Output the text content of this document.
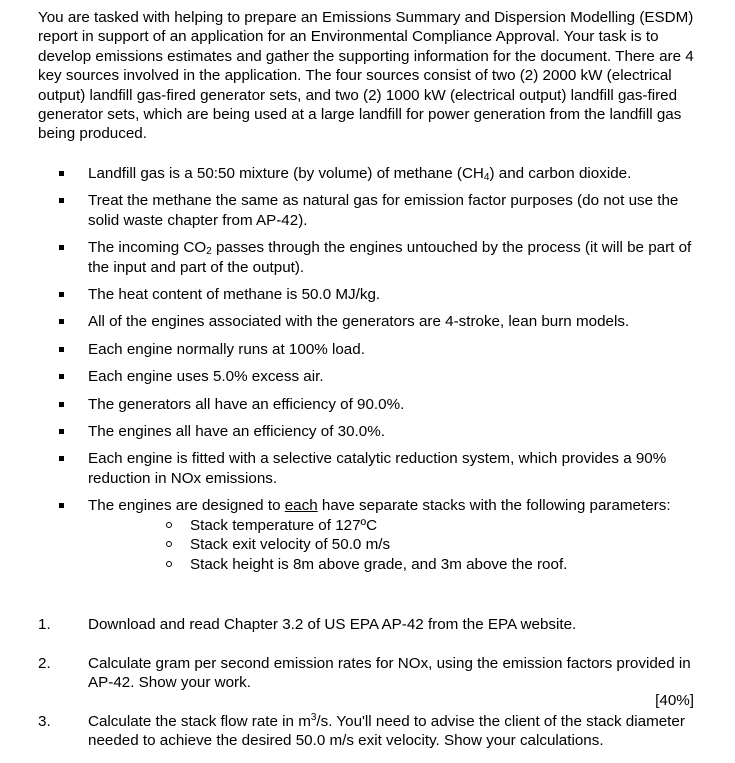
You are tasked with helping to prepare an Emissions Summary and Dispersion Modelling (ESDM) report in support of an application for an Environmental Compliance Approval. Your task is to develop emissions estimates and gather the supporting information for the document. There are 4 key sources involved in the application. The four sources consist of two (2) 2000 kW (electrical output) landfill gas-fired generator sets, and two (2) 1000 kW (electrical output) landfill gas-fired generator sets, which are being used at a large landfill for power generation from the landfill gas being produced.

Landfill gas is a 50:50 mixture (by volume) of methane $(CH_4)$ and carbon dioxide.
Treat the methane the same as natural gas for emission factor purposes (do not use the solid waste chapter from AP-42).
The incoming $CO_2$ passes through the engines untouched by the process (it will be part of the input and part of the output).
The heat content of methane is 50.0 MJ/kg.
All of the engines associated with the generators are 4-stroke, lean burn models.
Each engine normally runs at 100% load.
Each engine uses 5.0% excess air.
The generators all have an efficiency of 90.0%.
The engines all have an efficiency of 30.0%.
Each engine is fitted with a selective catalytic reduction system, which provides a 90% reduction in NOx emissions.
The engines are designed to each have separate stacks with the following parameters:
Stack temperature of 127ºC
Stack exit velocity of 50.0 m/s
Stack height is 8m above grade, and 3m above the roof.
1. Download and read Chapter 3.2 of US EPA AP-42 from the EPA website.
2. Calculate gram per second emission rates for NOx, using the emission factors provided in AP-42. Show your work.
[40%]
3. Calculate the stack flow rate in $m^3/s$. You'll need to advise the client of the stack diameter needed to achieve the desired 50.0 m/s exit velocity. Show your calculations.
